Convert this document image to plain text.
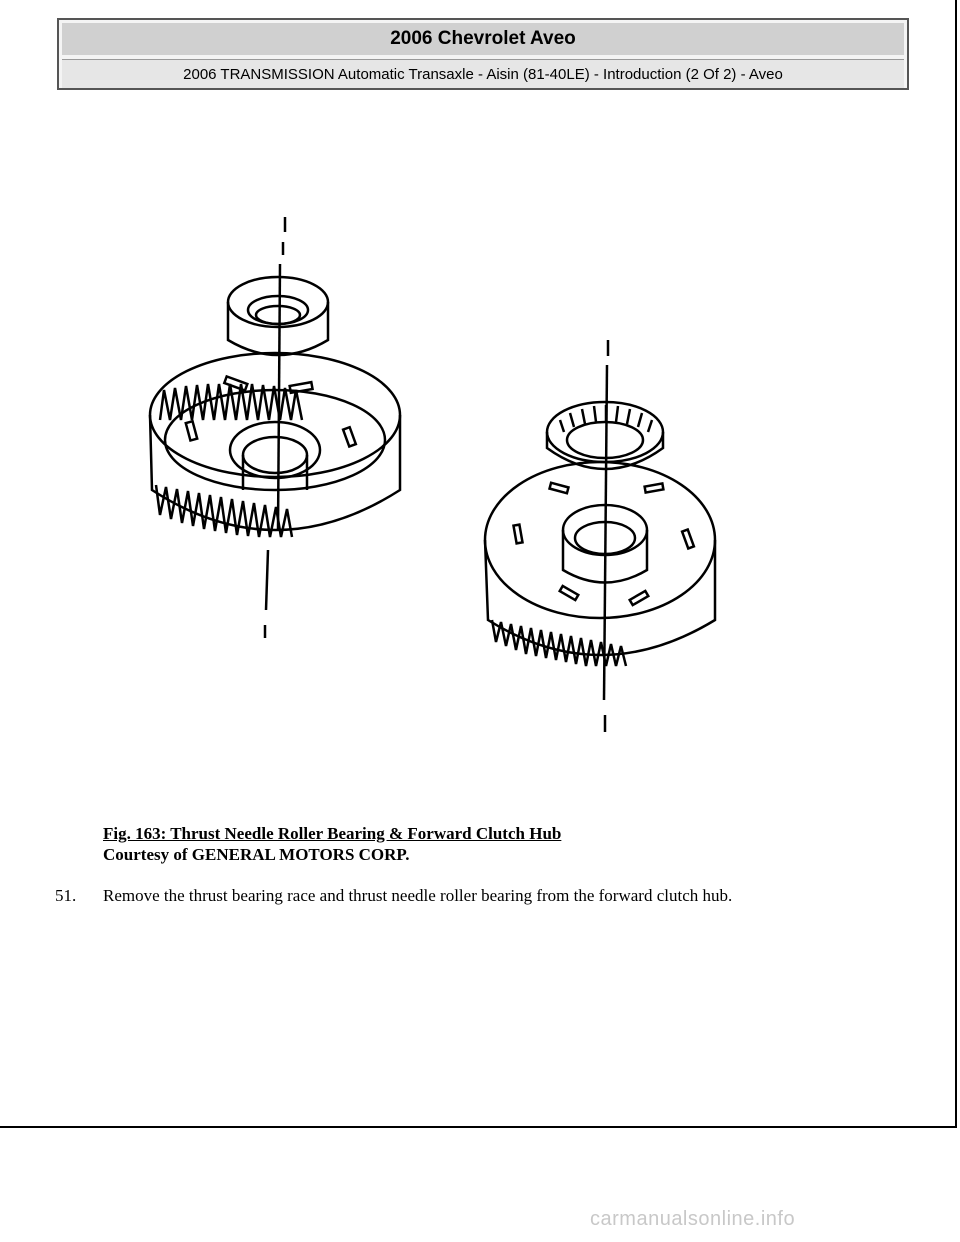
2006 Chevrolet Aveo
2006 TRANSMISSION Automatic Transaxle - Aisin (81-40LE) - Introduction (2 Of 2) - Aveo
Fig. 163: Thrust Needle Roller Bearing & Forward Clutch Hub
Courtesy of GENERAL MOTORS CORP.
51. Remove the thrust bearing race and thrust needle roller bearing from the forward clutch hub.
carmanualsonline.info
